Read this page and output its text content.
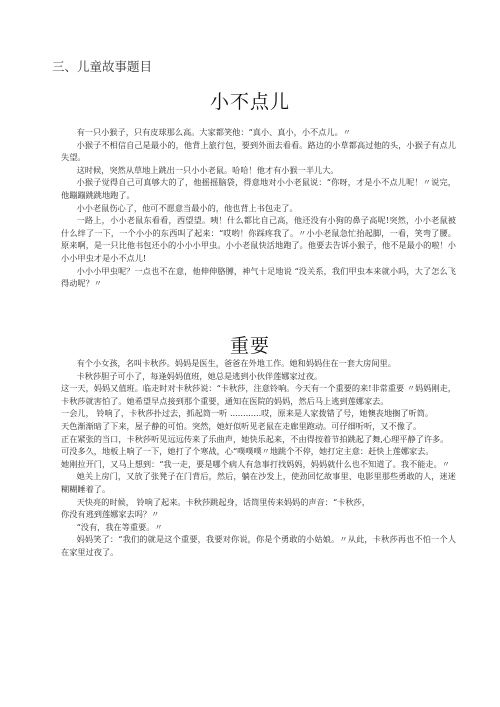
三、儿童故事题目
小不点儿

有一只小猴子，只有皮球那么高。大家都笑他：“真小、真小，小不点儿。〃

小猴子不相信自己是最小的，他背上旅行包，要到外面去看看。路边的小草都高过他的头，小猴子有点儿失望。

这时候，突然从草地上跳出一只小小老鼠。哈哈！他才有小猴一半儿大。

小猴子觉得自己可真够大的了，他摇摇脑袋，得意地对小小老鼠说：“你呀，才是小不点儿呢！〃说完，他蹦蹦跳跳地跑了。

小小老鼠伤心了，他可不愿意当最小的，他也背上书包走了。

一路上，小小老鼠东看看，西望望。咦！什么都比自己高，他还没有小狗的鼻子高呢!突然，小小老鼠被什么绊了一下，一个小小的东西叫了起来：“哎哟！你踩疼我了。〃小小老鼠急忙抬起脚，一看，笑弯了腰。原来啊，是一只比他书包还小的小小小甲虫。小小老鼠快活地跑了。他要去告诉小猴子，他不是最小的啦！小小小甲虫才是小不点儿!

小小小甲虫呢？一点也不在意，他伸伸胳膊，神气十足地说 “没关系，我们甲虫本来就小吗，大了怎么飞得动呢？〃

重要

有个小女孩，名叫卡秋莎。妈妈是医生，爸爸在外地工作。她和妈妈住在一套大房间里。

卡秋莎胆子可小了，每逢妈妈值班，她总是逃到小伙伴莲娜家过夜。

这一天，妈妈又值班。临走时对卡秋莎说：“卡秋莎，注意铃响。今天有一个重要的来!非常重要 〃妈妈刚走，卡秋莎就害怕了。她希望早点接到那个重要，通知在医院的妈妈，然后马上逃到莲娜家去。

一会儿， 铃响了，卡秋莎扑过去，抓起筒一听 ............哎，原来是人家拨错了号，她懊丧地搁了听筒。

天色渐渐暗了下来，屋子静的可怕。突然，她好似听见老鼠在走廊里跑动。可仔细听听，又不像了。

正在紧张的当口，卡秋莎听见远远传来了乐曲声，她快乐起来，不由得按着节拍跳起了舞,心理平静了许多。

可没多久，地板上响了一下，她打了个寒战，心“噗噗噗〃地跳个不停，她打定主意：赶快上莲娜家去。

她刚拉开门，又马上想到：“我一走，要是哪个病人有急事打找妈妈，妈妈就什么也不知道了。我不能走。〃

她关上房门，又放了张凳子在门背后，然后，躺在沙发上，使劲回忆故事里、电影里那些勇敢的人，迷迷糊糊睡着了。

天快亮的时候， 铃响了起来。卡秋莎跳起身，话筒里传来妈妈的声音：“卡秋莎，

你没有逃到莲娜家去吗？〃

“没有，我在等重要。〃

妈妈笑了：“我们的就是这个重要，我要对你说，你是个勇敢的小姑娘。〃从此，卡秋莎再也不怕一个人在家里过夜了。
